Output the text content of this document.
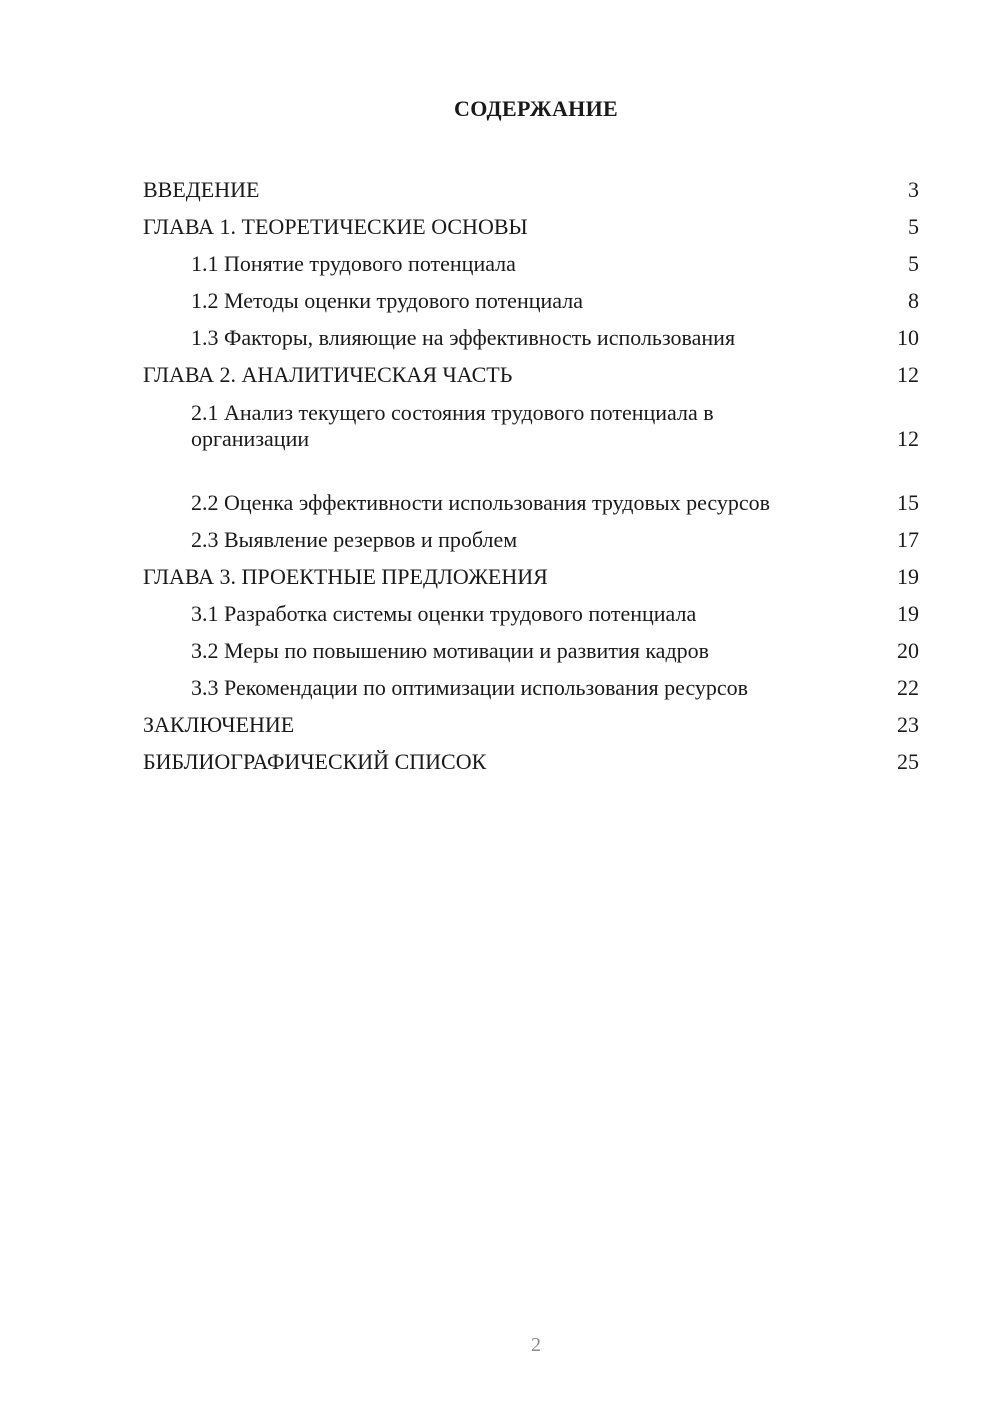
СОДЕРЖАНИЕ
ВВЕДЕНИЕ	3
ГЛАВА 1. ТЕОРЕТИЧЕСКИЕ ОСНОВЫ	5
1.1 Понятие трудового потенциала	5
1.2 Методы оценки трудового потенциала	8
1.3 Факторы, влияющие на эффективность использования	10
ГЛАВА 2. АНАЛИТИЧЕСКАЯ ЧАСТЬ	12
2.1 Анализ текущего состояния трудового потенциала в организации	12
2.2 Оценка эффективности использования трудовых ресурсов	15
2.3 Выявление резервов и проблем	17
ГЛАВА 3. ПРОЕКТНЫЕ ПРЕДЛОЖЕНИЯ	19
3.1 Разработка системы оценки трудового потенциала	19
3.2 Меры по повышению мотивации и развития кадров	20
3.3 Рекомендации по оптимизации использования ресурсов	22
ЗАКЛЮЧЕНИЕ	23
БИБЛИОГРАФИЧЕСКИЙ СПИСОК	25
2
